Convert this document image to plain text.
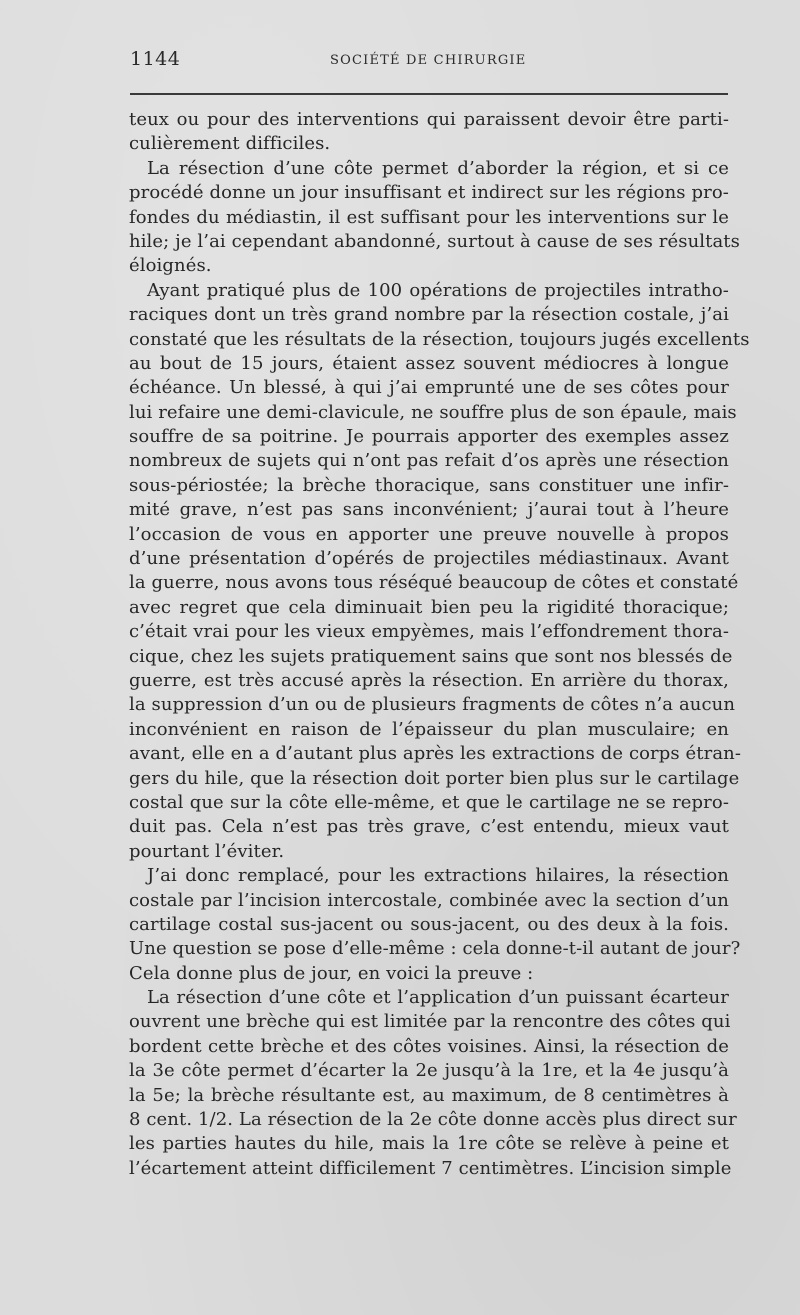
1144	SOCIÉTÉ DE CHIRURGIE
teux ou pour des interventions qui paraissent devoir être parti-
culièrement difficiles.
La résection d’une côte permet d’aborder la région, et si ce
procédé donne un jour insuffisant et indirect sur les régions pro-
fondes du médiastin, il est suffisant pour les interventions sur le
hile; je l’ai cependant abandonné, surtout à cause de ses résultats
éloignés.
Ayant pratiqué plus de 100 opérations de projectiles intratho-
raciques dont un très grand nombre par la résection costale, j’ai
constaté que les résultats de la résection, toujours jugés excellents
au bout de 15 jours, étaient assez souvent médiocres à longue
échéance. Un blessé, à qui j’ai emprunté une de ses côtes pour
lui refaire une demi-clavicule, ne souffre plus de son épaule, mais
souffre de sa poitrine. Je pourrais apporter des exemples assez
nombreux de sujets qui n’ont pas refait d’os après une résection
sous-périostée; la brèche thoracique, sans constituer une infir-
mité grave, n’est pas sans inconvénient; j’aurai tout à l’heure
l’occasion de vous en apporter une preuve nouvelle à propos
d’une présentation d’opérés de projectiles médiastinaux. Avant
la guerre, nous avons tous réséqué beaucoup de côtes et constaté
avec regret que cela diminuait bien peu la rigidité thoracique;
c’était vrai pour les vieux empyèmes, mais l’effondrement thora-
cique, chez les sujets pratiquement sains que sont nos blessés de
guerre, est très accusé après la résection. En arrière du thorax,
la suppression d’un ou de plusieurs fragments de côtes n’a aucun
inconvénient en raison de l’épaisseur du plan musculaire; en
avant, elle en a d’autant plus après les extractions de corps étran-
gers du hile, que la résection doit porter bien plus sur le cartilage
costal que sur la côte elle-même, et que le cartilage ne se repro-
duit pas. Cela n’est pas très grave, c’est entendu, mieux vaut
pourtant l’éviter.
J’ai donc remplacé, pour les extractions hilaires, la résection
costale par l’incision intercostale, combinée avec la section d’un
cartilage costal sus-jacent ou sous-jacent, ou des deux à la fois.
Une question se pose d’elle-même : cela donne-t-il autant de jour?
Cela donne plus de jour, en voici la preuve :
La résection d’une côte et l’application d’un puissant écarteur
ouvrent une brèche qui est limitée par la rencontre des côtes qui
bordent cette brèche et des côtes voisines. Ainsi, la résection de
la 3e côte permet d’écarter la 2e jusqu’à la 1re, et la 4e jusqu’à
la 5e; la brèche résultante est, au maximum, de 8 centimètres à
8 cent. 1/2. La résection de la 2e côte donne accès plus direct sur
les parties hautes du hile, mais la 1re côte se relève à peine et
l’écartement atteint difficilement 7 centimètres. L’incision simple
